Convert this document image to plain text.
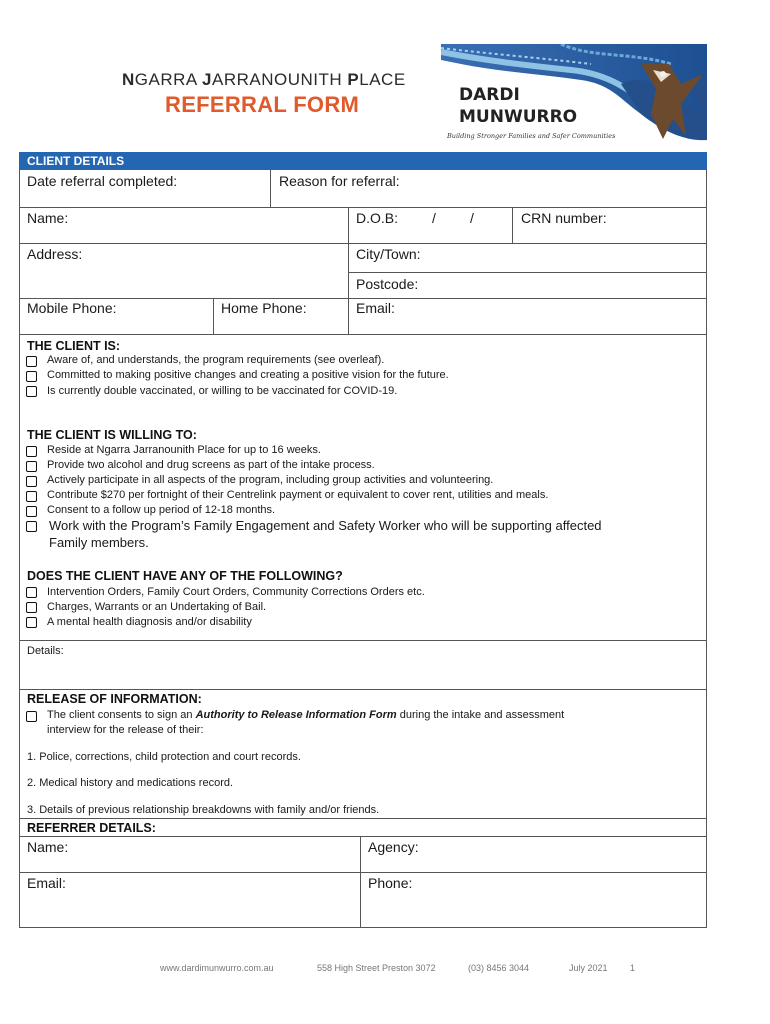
NGARRA JARRANOUNITH PLACE
REFERRAL FORM	DARDI
MUNWURRO
Building Stronger Families and Safer Communities
CLIENT DETAILS
Date referral completed:	Reason for referral:
Name:	D.O.B: / /	CRN number:
Address:	City/Town:
Postcode:
Mobile Phone:	Home Phone:	Email:
THE CLIENT IS:
Aware of, and understands, the program requirements (see overleaf).
Committed to making positive changes and creating a positive vision for the future.
Is currently double vaccinated, or willing to be vaccinated for COVID-19.
THE CLIENT IS WILLING TO:
Reside at Ngarra Jarranounith Place for up to 16 weeks.
Provide two alcohol and drug screens as part of the intake process.
Actively participate in all aspects of the program, including group activities and volunteering.
Contribute $270 per fortnight of their Centrelink payment or equivalent to cover rent, utilities and meals.
Consent to a follow up period of 12-18 months.
Work with the Program’s Family Engagement and Safety Worker who will be supporting affected
Family members.
DOES THE CLIENT HAVE ANY OF THE FOLLOWING?
Intervention Orders, Family Court Orders, Community Corrections Orders etc.
Charges, Warrants or an Undertaking of Bail.
A mental health diagnosis and/or disability
Details:
RELEASE OF INFORMATION:
The client consents to sign an Authority to Release Information Form during the intake and assessment
interview for the release of their:
1. Police, corrections, child protection and court records.
2. Medical history and medications record.
3. Details of previous relationship breakdowns with family and/or friends.
REFERRER DETAILS:
Name:	Agency:
Email:	Phone:
www.dardimunwurro.com.au	558 High Street Preston 3072	(03) 8456 3044	July 2021 1
